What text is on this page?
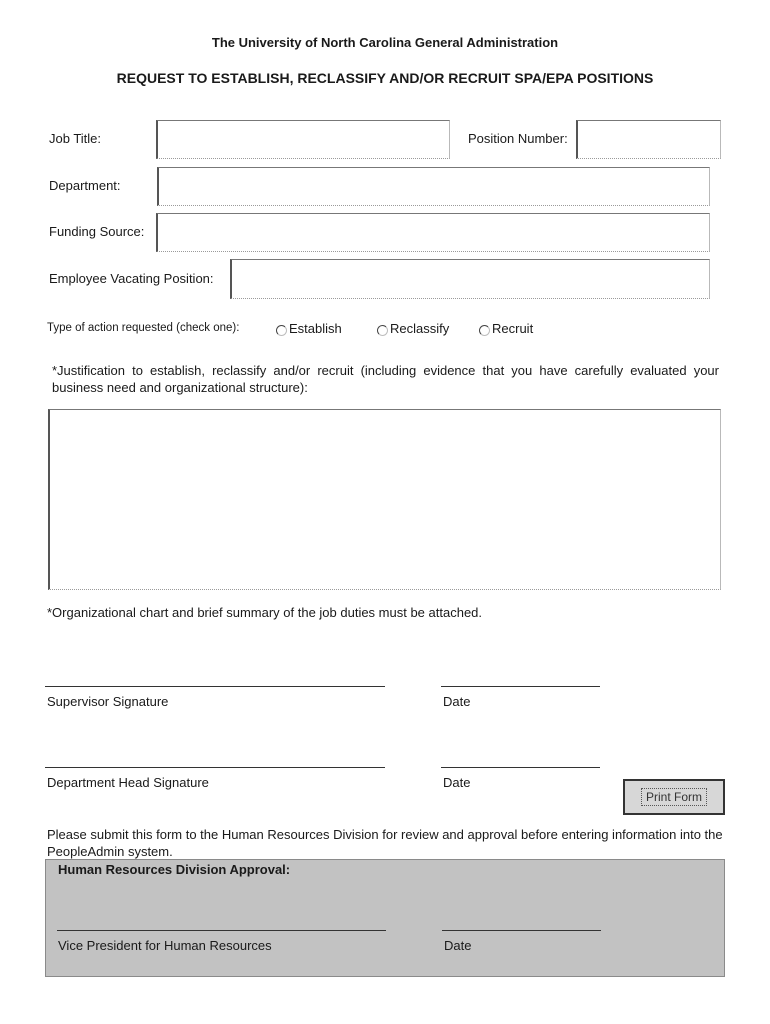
The University of North Carolina General Administration
REQUEST TO ESTABLISH, RECLASSIFY AND/OR RECRUIT SPA/EPA POSITIONS
Job Title:	Position Number:
Department:
Funding Source:
Employee Vacating Position:
Type of action requested (check one):	Establish	Reclassify	Recruit
*Justification to establish, reclassify and/or recruit (including evidence that you have carefully evaluated your business need and organizational structure):
*Organizational chart and brief summary of the job duties must be attached.
Supervisor Signature	Date
Department Head Signature	Date
Print Form
Please submit this form to the Human Resources Division for review and approval before entering information into the PeopleAdmin system.
Human Resources Division Approval:
Vice President for Human Resources	Date
